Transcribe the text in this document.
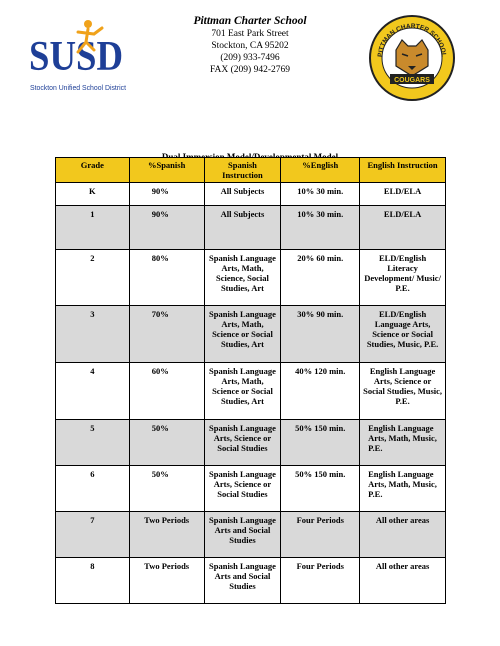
SUSD
Stockton Unified School District
Pittman Charter School
701 East Park Street
Stockton, CA 95202
(209) 933-7496
FAX (209) 942-2769
PITTMAN CHARTER SCHOOL
COUGARS
Grade	%Spanish	Spanish Instruction	%English	English Instruction
K	90%	All Subjects	10% 30 min.	ELD/ELA
1	90%	All Subjects	10% 30 min.	ELD/ELA
2	80%	Spanish Language Arts, Math, Science, Social Studies, Art	20% 60 min.	ELD/English Literacy Development/ Music/ P.E.
3	70%	Spanish Language Arts, Math, Science or Social Studies, Art	30% 90 min.	ELD/English Language Arts, Science or Social Studies, Music, P.E.
4	60%	Spanish Language Arts, Math, Science or Social Studies, Art	40% 120 min.	English Language Arts, Science or Social Studies, Music, P.E.
5	50%	Spanish Language Arts, Science or Social Studies	50% 150 min.	English Language Arts, Math, Music, P.E.
6	50%	Spanish Language Arts, Science or Social Studies	50% 150 min.	English Language Arts, Math, Music, P.E.
7	Two Periods	Spanish Language Arts and Social Studies	Four Periods	All other areas
8	Two Periods	Spanish Language Arts and Social Studies	Four Periods	All other areas
